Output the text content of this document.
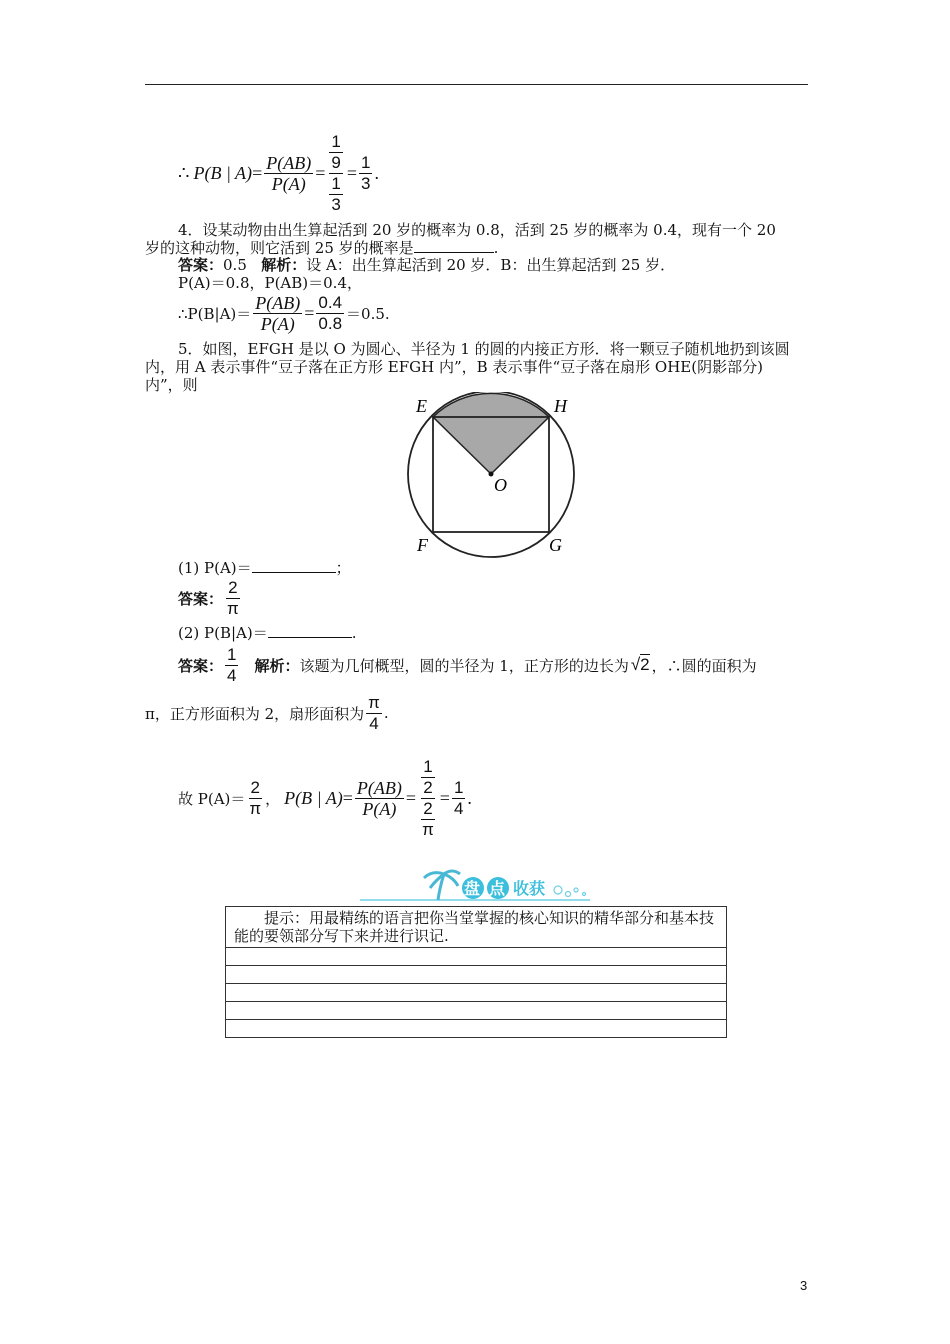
∴ P(B | $A) = \frac{P(AB)}{P(A)} = \frac{\frac{1}{9}}{\frac{1}{3}} = \frac{1}{3}$ .
4．设某动物由出生算起活到 20 岁的概率为 0.8，活到 25 岁的概率为 0.4，现有一个 20
岁的这种动物，则它活到 25 岁的概率是	.
答案：0.5 解析：设 A：出生算起活到 20 岁．B：出生算起活到 25 岁．
P(A)＝0.8，P(AB)＝0.4，
∴P(B|A)＝ $\frac{P(AB)}{P(A)} = \frac{0.4}{0.8} =0.5$.
5．如图，EFGH 是以 O 为圆心、半径为 1 的圆的内接正方形．将一颗豆子随机地扔到该圆
内，用 A 表示事件“豆子落在正方形 EFGH 内”，B 表示事件“豆子落在扇形 OHE(阴影部分)
内”，则
E	H
O
F	G
(1) P(A)＝	；
答案： $\frac{2}{\pi}$
(2) P(B|A)＝	.
答案： $\frac{1}{4}$ 解析： 该题为几何概型，圆的半径为 1，正方形的边长为 √2 ，∴圆的面积为
π，正方形面积为 2，扇形面积为 $\frac{\pi}{4}$ .
故 $P(A)= \frac{2}{\pi}$ ， P(B | $A) = \frac{P(AB)}{P(A)} = \frac{\frac{1}{2}}{\frac{2}{\pi}} = \frac{1}{4}$ .
盘 点 收获
提示：用最精练的语言把你当堂掌握的核心知识的精华部分和基本技能的要领部分写下来并进行识记.
3
